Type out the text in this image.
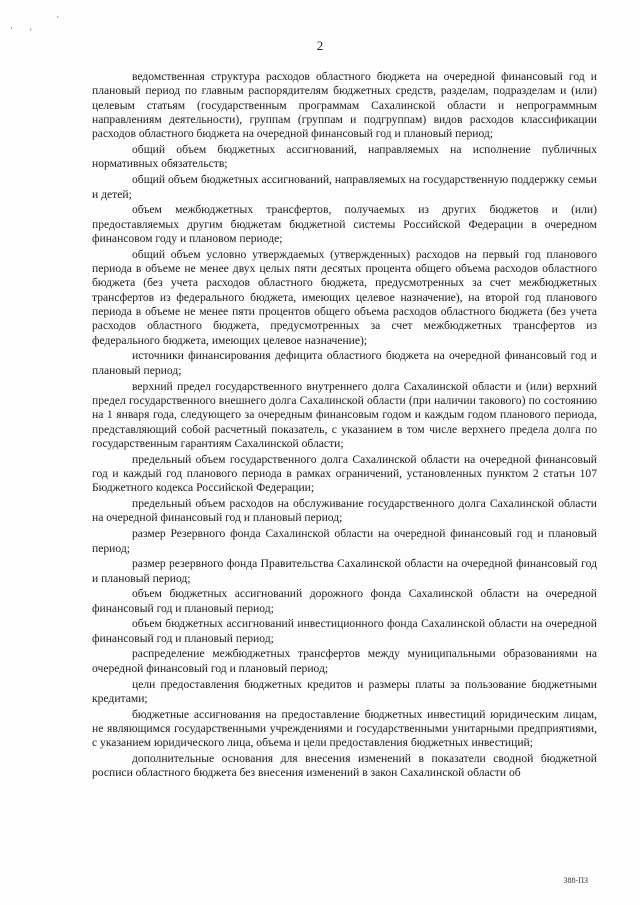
· '
´
2

ведомственная структура расходов областного бюджета на очередной финансовый год и плановый период по главным распорядителям бюджетных средств, разделам, подразделам и (или) целевым статьям (государственным программам Сахалинской области и непрограммным направлениям деятельности), группам (группам и подгруппам) видов расходов классификации расходов областного бюджета на очередной финансовый год и плановый период;

общий объем бюджетных ассигнований, направляемых на исполнение публичных нормативных обязательств;

общий объем бюджетных ассигнований, направляемых на государственную поддержку семьи и детей;

объем межбюджетных трансфертов, получаемых из других бюджетов и (или) предоставляемых другим бюджетам бюджетной системы Российской Федерации в очередном финансовом году и плановом периоде;

общий объем условно утверждаемых (утвержденных) расходов на первый год планового периода в объеме не менее двух целых пяти десятых процента общего объема расходов областного бюджета (без учета расходов областного бюджета, предусмотренных за счет межбюджетных трансфертов из федерального бюджета, имеющих целевое назначение), на второй год планового периода в объеме не менее пяти процентов общего объема расходов областного бюджета (без учета расходов областного бюджета, предусмотренных за счет межбюджетных трансфертов из федерального бюджета, имеющих целевое назначение);

источники финансирования дефицита областного бюджета на очередной финансовый год и плановый период;

верхний предел государственного внутреннего долга Сахалинской области и (или) верхний предел государственного внешнего долга Сахалинской области (при наличии такового) по состоянию на 1 января года, следующего за очередным финансовым годом и каждым годом планового периода, представляющий собой расчетный показатель, с указанием в том числе верхнего предела долга по государственным гарантиям Сахалинской области;

предельный объем государственного долга Сахалинской области на очередной финансовый год и каждый год планового периода в рамках ограничений, установленных пунктом 2 статьи 107 Бюджетного кодекса Российской Федерации;

предельный объем расходов на обслуживание государственного долга Сахалинской области на очередной финансовый год и плановый период;

размер Резервного фонда Сахалинской области на очередной финансовый год и плановый период;

размер резервного фонда Правительства Сахалинской области на очередной финансовый год и плановый период;

объем бюджетных ассигнований дорожного фонда Сахалинской области на очередной финансовый год и плановый период;

объем бюджетных ассигнований инвестиционного фонда Сахалинской области на очередной финансовый год и плановый период;

распределение межбюджетных трансфертов между муниципальными образованиями на очередной финансовый год и плановый период;

цели предоставления бюджетных кредитов и размеры платы за пользование бюджетными кредитами;

бюджетные ассигнования на предоставление бюджетных инвестиций юридическим лицам, не являющимся государственными учреждениями и государственными унитарными предприятиями, с указанием юридического лица, объема и цели предоставления бюджетных инвестиций;

дополнительные основания для внесения изменений в показатели сводной бюджетной росписи областного бюджета без внесения изменений в закон Сахалинской области об

388-ПЗ
